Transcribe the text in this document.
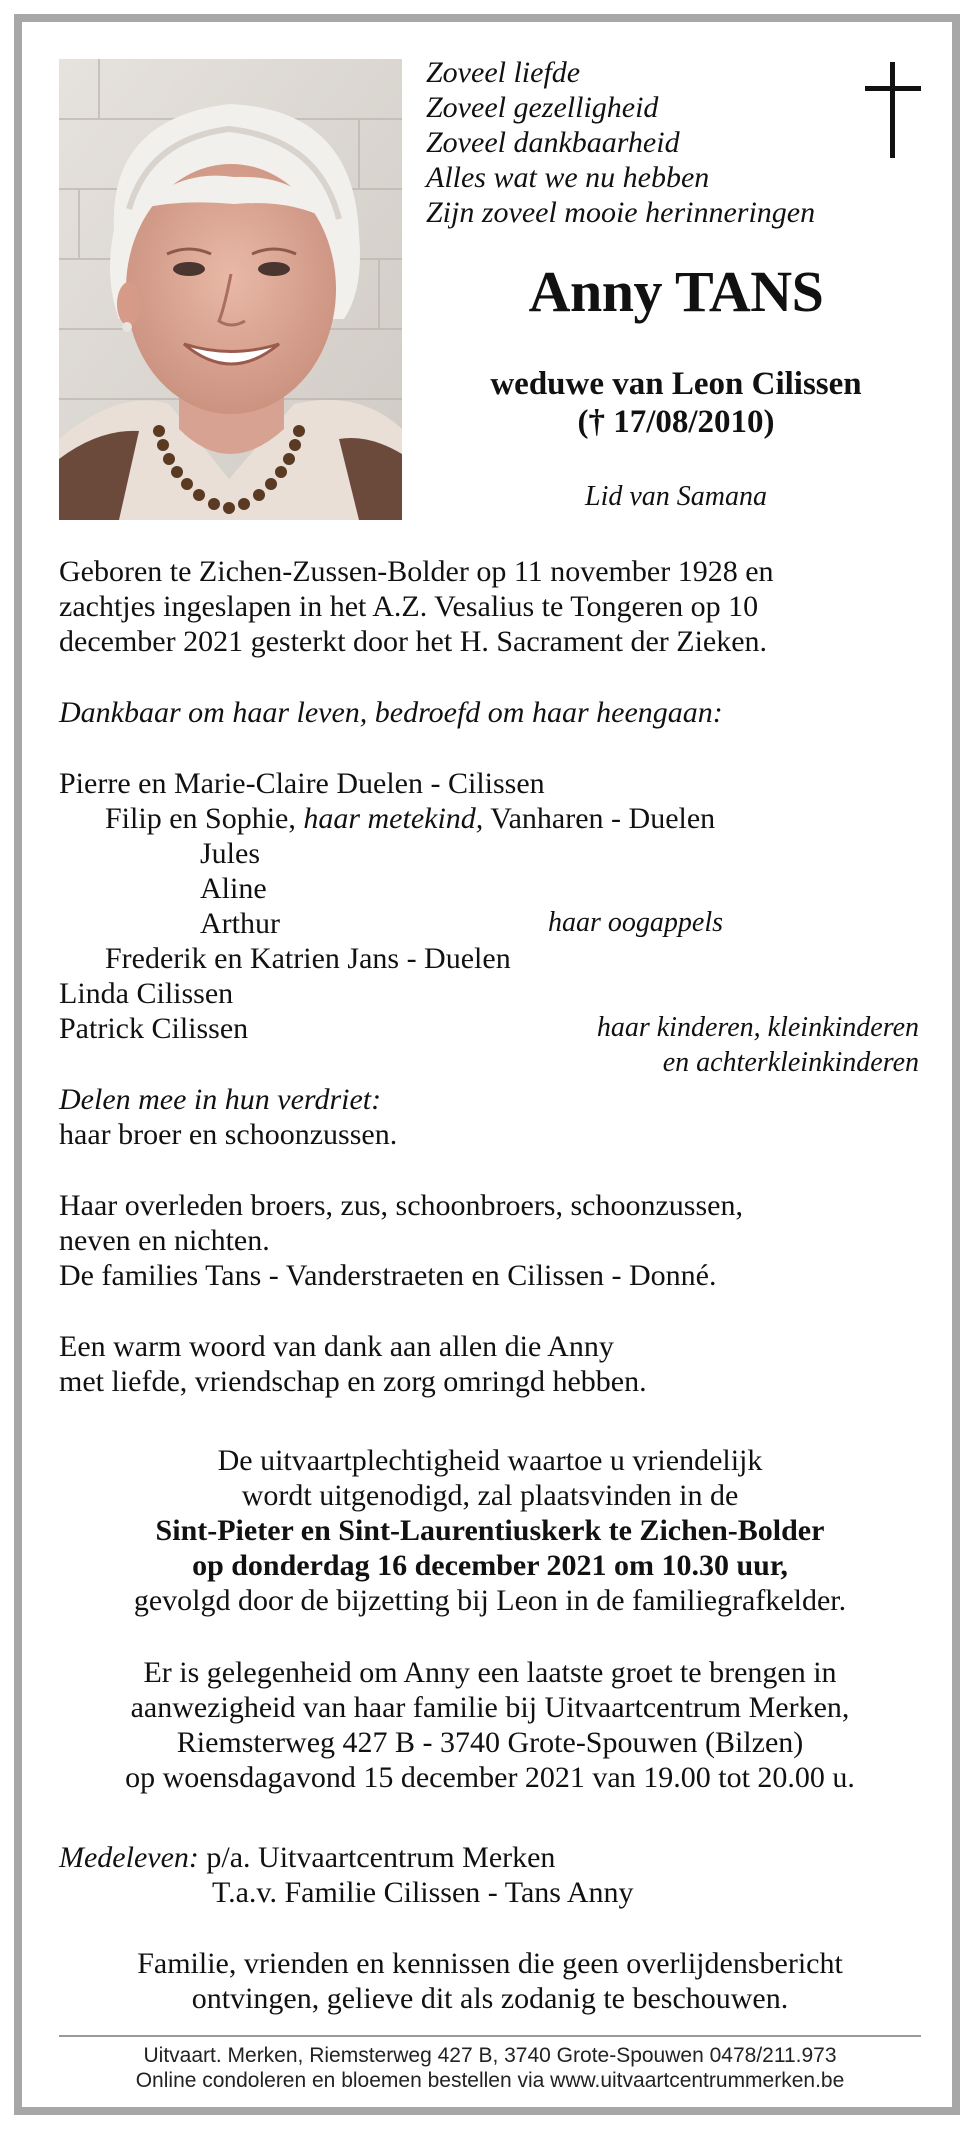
Zoveel liefde
Zoveel gezelligheid
Zoveel dankbaarheid
Alles wat we nu hebben
Zijn zoveel mooie herinneringen
Anny TANS
weduwe van Leon Cilissen
(† 17/08/2010)
Lid van Samana
Geboren te Zichen-Zussen-Bolder op 11 november 1928 en
zachtjes ingeslapen in het A.Z. Vesalius te Tongeren op 10
december 2021 gesterkt door het H. Sacrament der Zieken.
Dankbaar om haar leven, bedroefd om haar heengaan:
Pierre en Marie-Claire Duelen - Cilissen
Filip en Sophie, haar metekind, Vanharen - Duelen
Jules
Aline
Arthur	haar oogappels
Frederik en Katrien Jans - Duelen
Linda Cilissen
Patrick Cilissen	haar kinderen, kleinkinderen
en achterkleinkinderen
Delen mee in hun verdriet:
haar broer en schoonzussen.
Haar overleden broers, zus, schoonbroers, schoonzussen,
neven en nichten.
De families Tans - Vanderstraeten en Cilissen - Donné.
Een warm woord van dank aan allen die Anny
met liefde, vriendschap en zorg omringd hebben.
De uitvaartplechtigheid waartoe u vriendelijk
wordt uitgenodigd, zal plaatsvinden in de
Sint-Pieter en Sint-Laurentiuskerk te Zichen-Bolder
op donderdag 16 december 2021 om 10.30 uur,
gevolgd door de bijzetting bij Leon in de familiegrafkelder.
Er is gelegenheid om Anny een laatste groet te brengen in
aanwezigheid van haar familie bij Uitvaartcentrum Merken,
Riemsterweg 427 B - 3740 Grote-Spouwen (Bilzen)
op woensdagavond 15 december 2021 van 19.00 tot 20.00 u.
Medeleven: p/a. Uitvaartcentrum Merken
T.a.v. Familie Cilissen - Tans Anny
Familie, vrienden en kennissen die geen overlijdensbericht
ontvingen, gelieve dit als zodanig te beschouwen.
Uitvaart. Merken, Riemsterweg 427 B, 3740 Grote-Spouwen 0478/211.973
Online condoleren en bloemen bestellen via www.uitvaartcentrummerken.be
